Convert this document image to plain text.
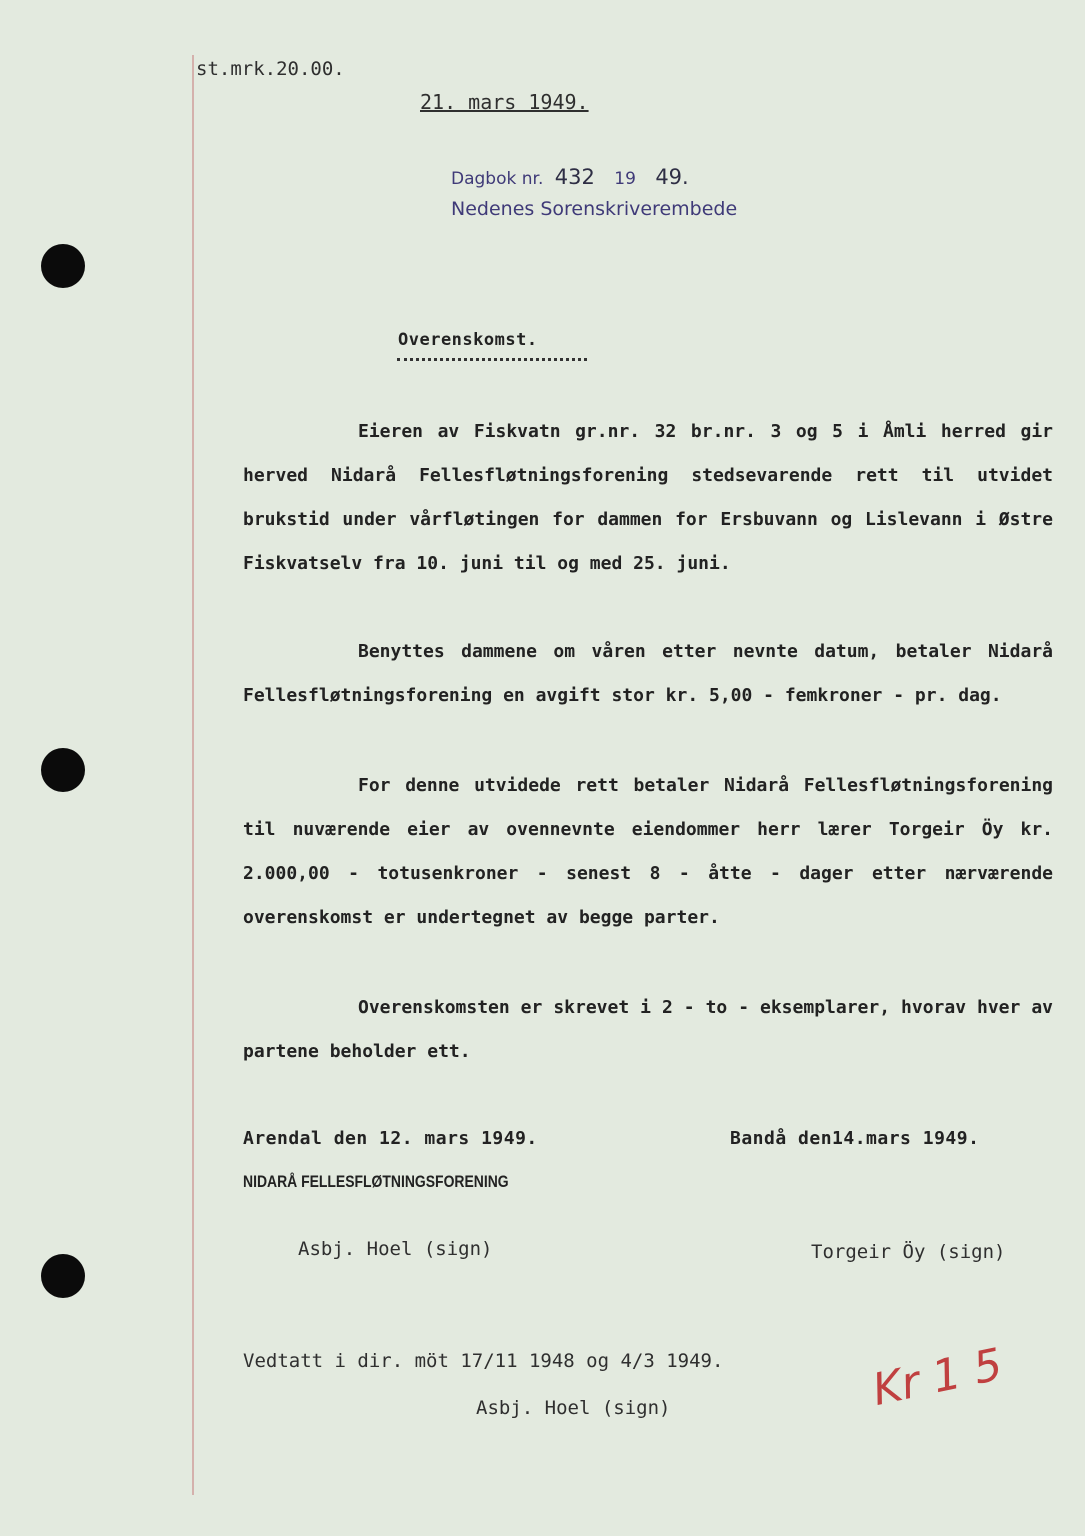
st.mrk.20.00.
21. mars 1949.
Dagbok nr. 432 19 49.
Nedenes Sorenskriverembede
Overenskomst.
Eieren av Fiskvatn gr.nr. 32 br.nr. 3 og 5 i Åmli herred gir herved Nidarå Fellesfløtningsforening stedsevarende rett til utvidet brukstid under vårfløtingen for dammen for Ersbuvann og Lislevann i Østre Fiskvatselv fra 10. juni til og med 25. juni.
Benyttes dammene om våren etter nevnte datum, betaler Nidarå Fellesfløtningsforening en avgift stor kr. 5,00 - femkroner - pr. dag.
For denne utvidede rett betaler Nidarå Fellesfløtningsforening til nuværende eier av ovennevnte eiendommer herr lærer Torgeir Öy kr. 2.000,00 - totusenkroner - senest 8 - åtte - dager etter nærværende overenskomst er undertegnet av begge parter.
Overenskomsten er skrevet i 2 - to - eksemplarer, hvorav hver av partene beholder ett.
Arendal den 12. mars 1949.	Bandå den14.mars 1949.
NIDARÅ FELLESFLØTNINGSFORENING
Asbj. Hoel (sign)	Torgeir Öy (sign)
Vedtatt i dir. möt 17/11 1948 og 4/3 1949.
Asbj. Hoel (sign)	Kr 1 5
